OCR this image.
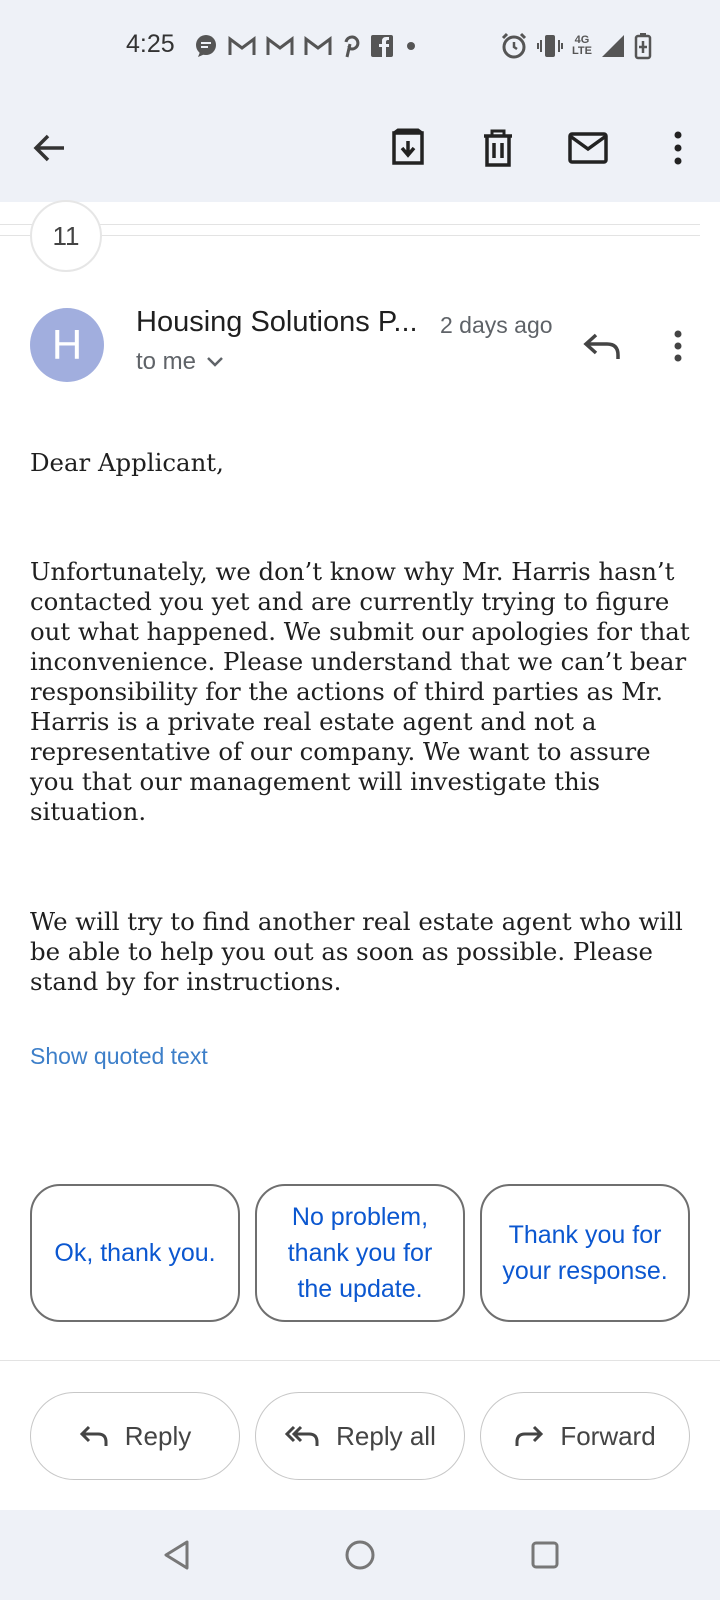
4:25	4G
LTE
11
H	Housing Solutions P... 2 days ago
to me
Dear Applicant,
Unfortunately, we don’t know why Mr. Harris hasn’t contacted you yet and are currently trying to figure out what happened. We submit our apologies for that inconvenience. Please understand that we can’t bear responsibility for the actions of third parties as Mr. Harris is a private real estate agent and not a representative of our company. We want to assure you that our management will investigate this situation.
We will try to find another real estate agent who will be able to help you out as soon as possible. Please stand by for instructions.
Show quoted text
Ok, thank you.
No problem, thank you for the update.
Thank you for your response.
Reply	Reply all	Forward
